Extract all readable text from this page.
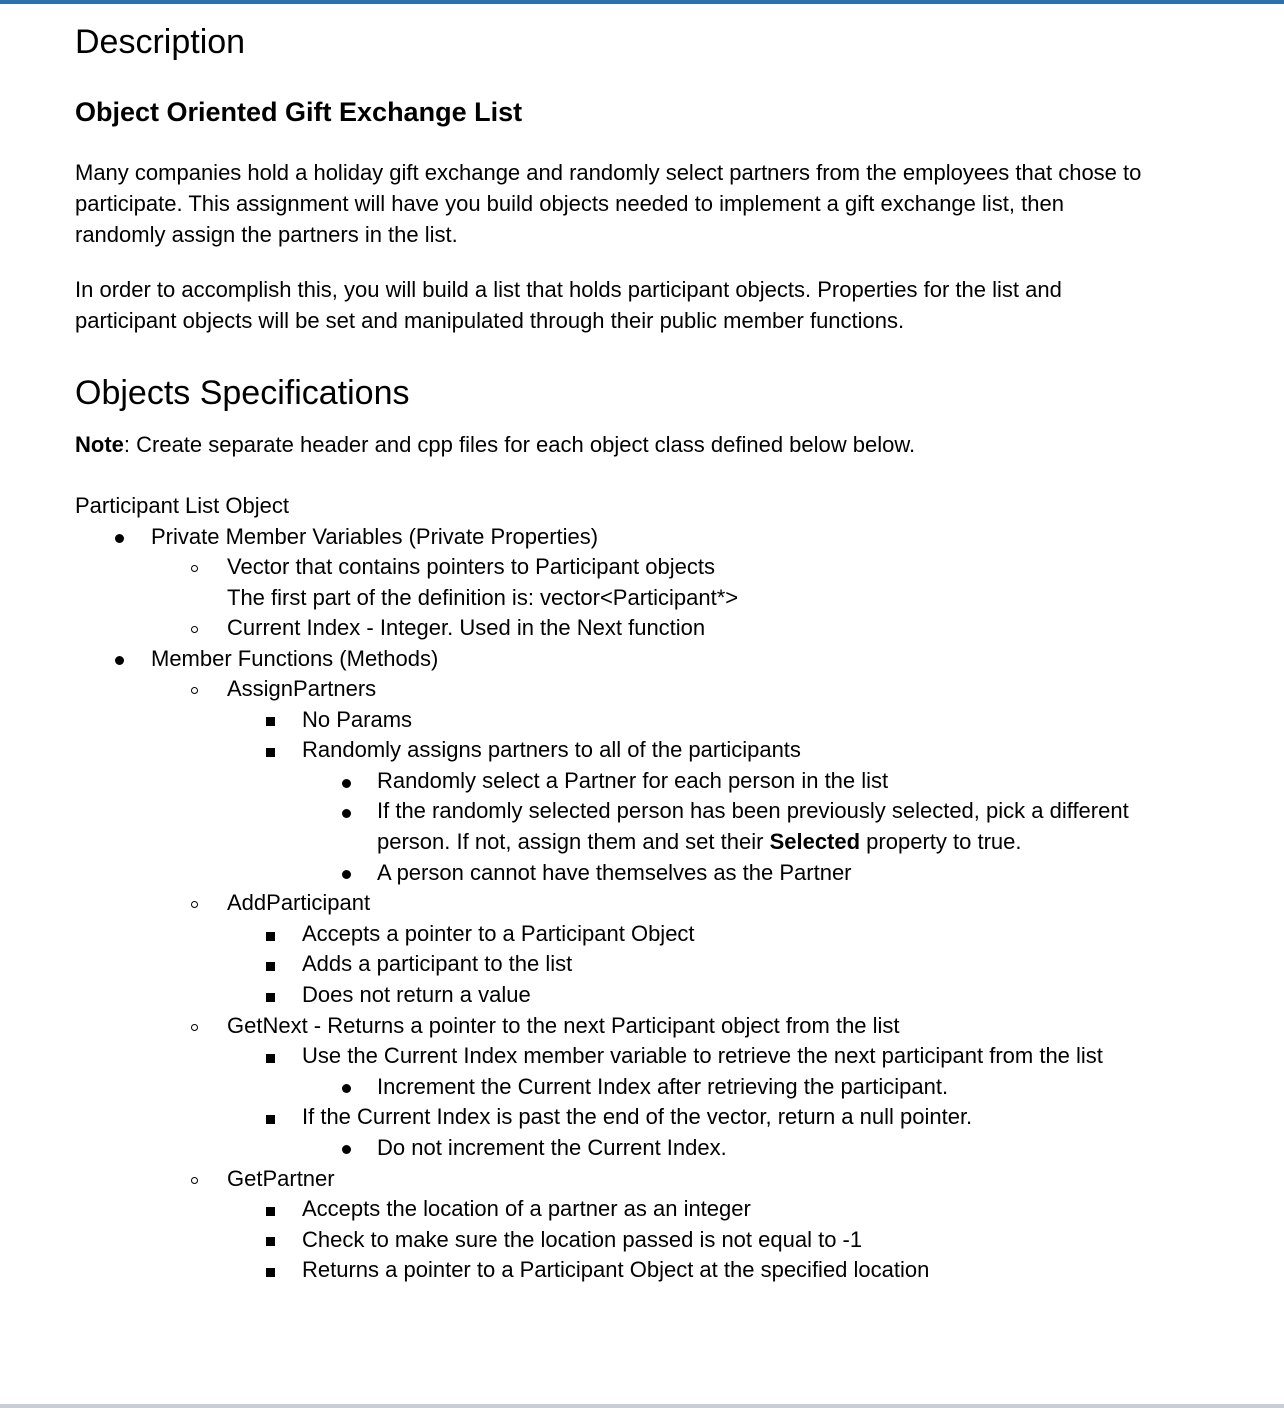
Description
Object Oriented Gift Exchange List
Many companies hold a holiday gift exchange and randomly select partners from the employees that chose to
participate. This assignment will have you build objects needed to implement a gift exchange list, then
randomly assign the partners in the list.
In order to accomplish this, you will build a list that holds participant objects. Properties for the list and
participant objects will be set and manipulated through their public member functions.
Objects Specifications
Note: Create separate header and cpp files for each object class defined below below.
Participant List Object
Private Member Variables (Private Properties)
Vector that contains pointers to Participant objects
The first part of the definition is: vector<Participant*>
Current Index - Integer. Used in the Next function
Member Functions (Methods)
AssignPartners
No Params
Randomly assigns partners to all of the participants
Randomly select a Partner for each person in the list
If the randomly selected person has been previously selected, pick a different
person. If not, assign them and set their Selected property to true.
A person cannot have themselves as the Partner
AddParticipant
Accepts a pointer to a Participant Object
Adds a participant to the list
Does not return a value
GetNext - Returns a pointer to the next Participant object from the list
Use the Current Index member variable to retrieve the next participant from the list
Increment the Current Index after retrieving the participant.
If the Current Index is past the end of the vector, return a null pointer.
Do not increment the Current Index.
GetPartner
Accepts the location of a partner as an integer
Check to make sure the location passed is not equal to -1
Returns a pointer to a Participant Object at the specified location
